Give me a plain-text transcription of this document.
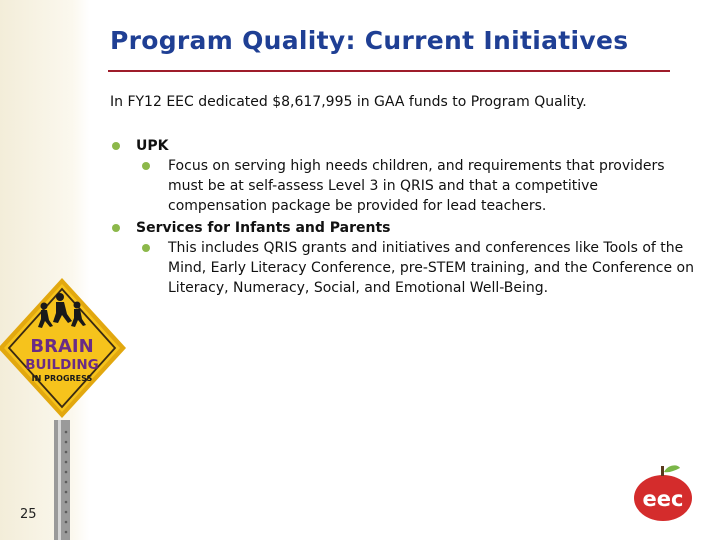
Program Quality: Current Initiatives
In FY12 EEC dedicated $8,617,995 in GAA funds to Program Quality.
UPK
Focus on serving high needs children, and requirements that providers must be at self-assess Level 3 in QRIS and that a competitive compensation package be provided for lead teachers.
Services for Infants and Parents
This includes QRIS grants and initiatives and conferences like Tools of the Mind, Early Literacy Conference, pre-STEM training, and the Conference on Literacy, Numeracy, Social, and Emotional Well-Being.
BRAIN
BUILDING
IN PROGRESS
25
eec
